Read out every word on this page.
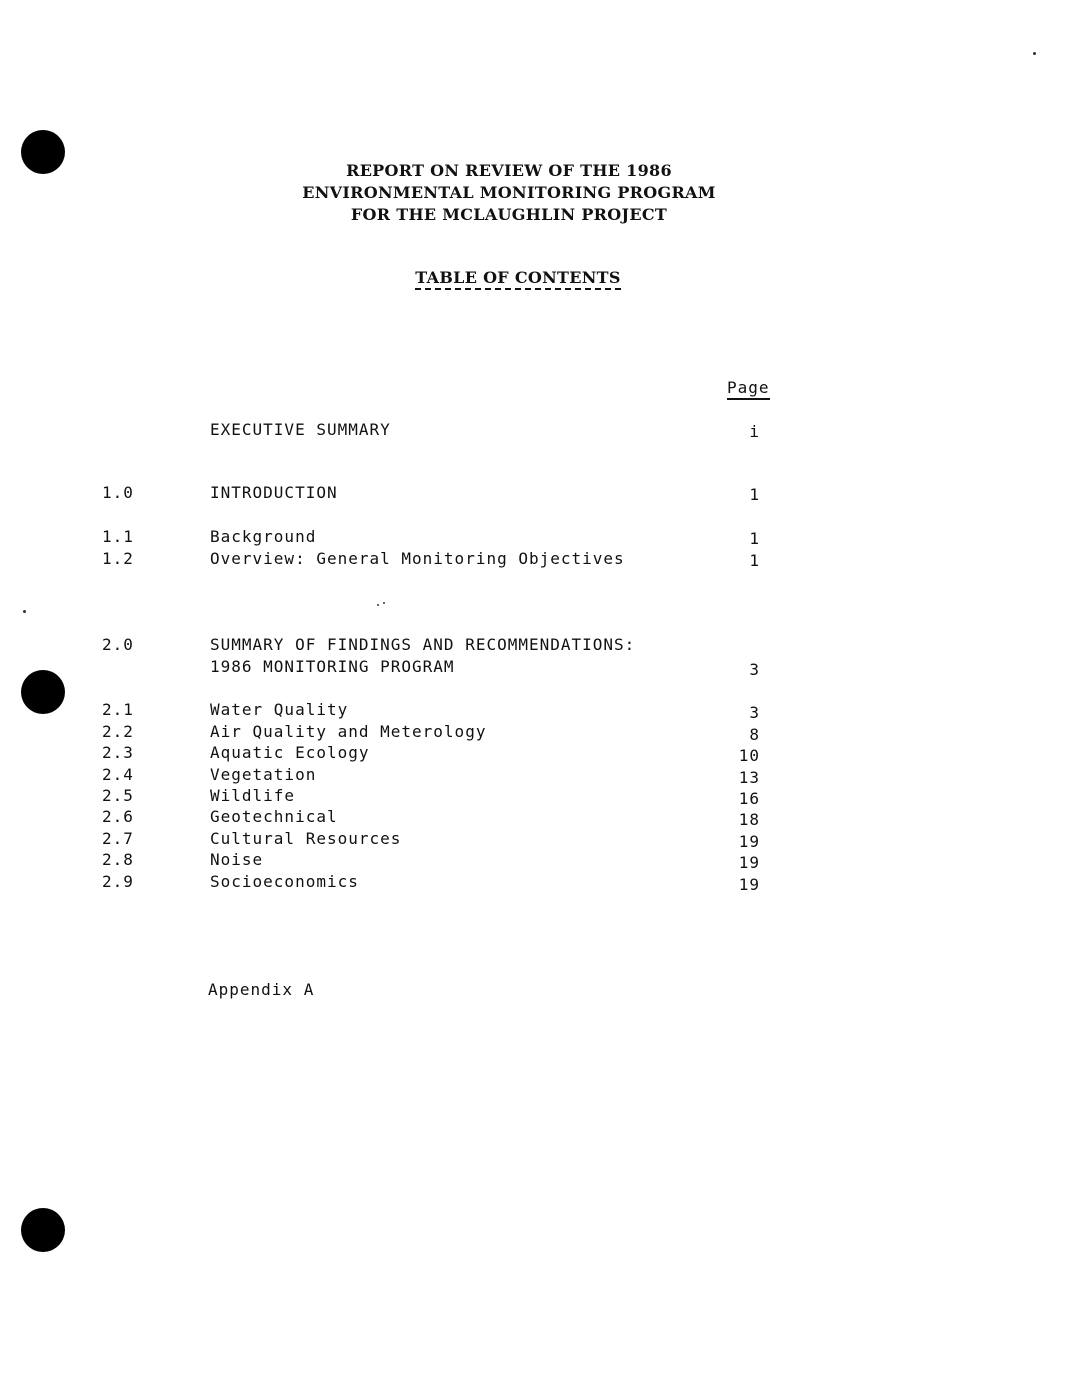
REPORT ON REVIEW OF THE 1986
ENVIRONMENTAL MONITORING PROGRAM
FOR THE MCLAUGHLIN PROJECT
TABLE OF CONTENTS
Page
EXECUTIVE SUMMARY	i
1.0	INTRODUCTION	1
1.1	Background	1
1.2	Overview: General Monitoring Objectives	1
2.0	SUMMARY OF FINDINGS AND RECOMMENDATIONS:
1986 MONITORING PROGRAM	3
2.1	Water Quality	3
2.2	Air Quality and Meterology	8
2.3	Aquatic Ecology	10
2.4	Vegetation	13
2.5	Wildlife	16
2.6	Geotechnical	18
2.7	Cultural Resources	19
2.8	Noise	19
2.9	Socioeconomics	19
Appendix A
